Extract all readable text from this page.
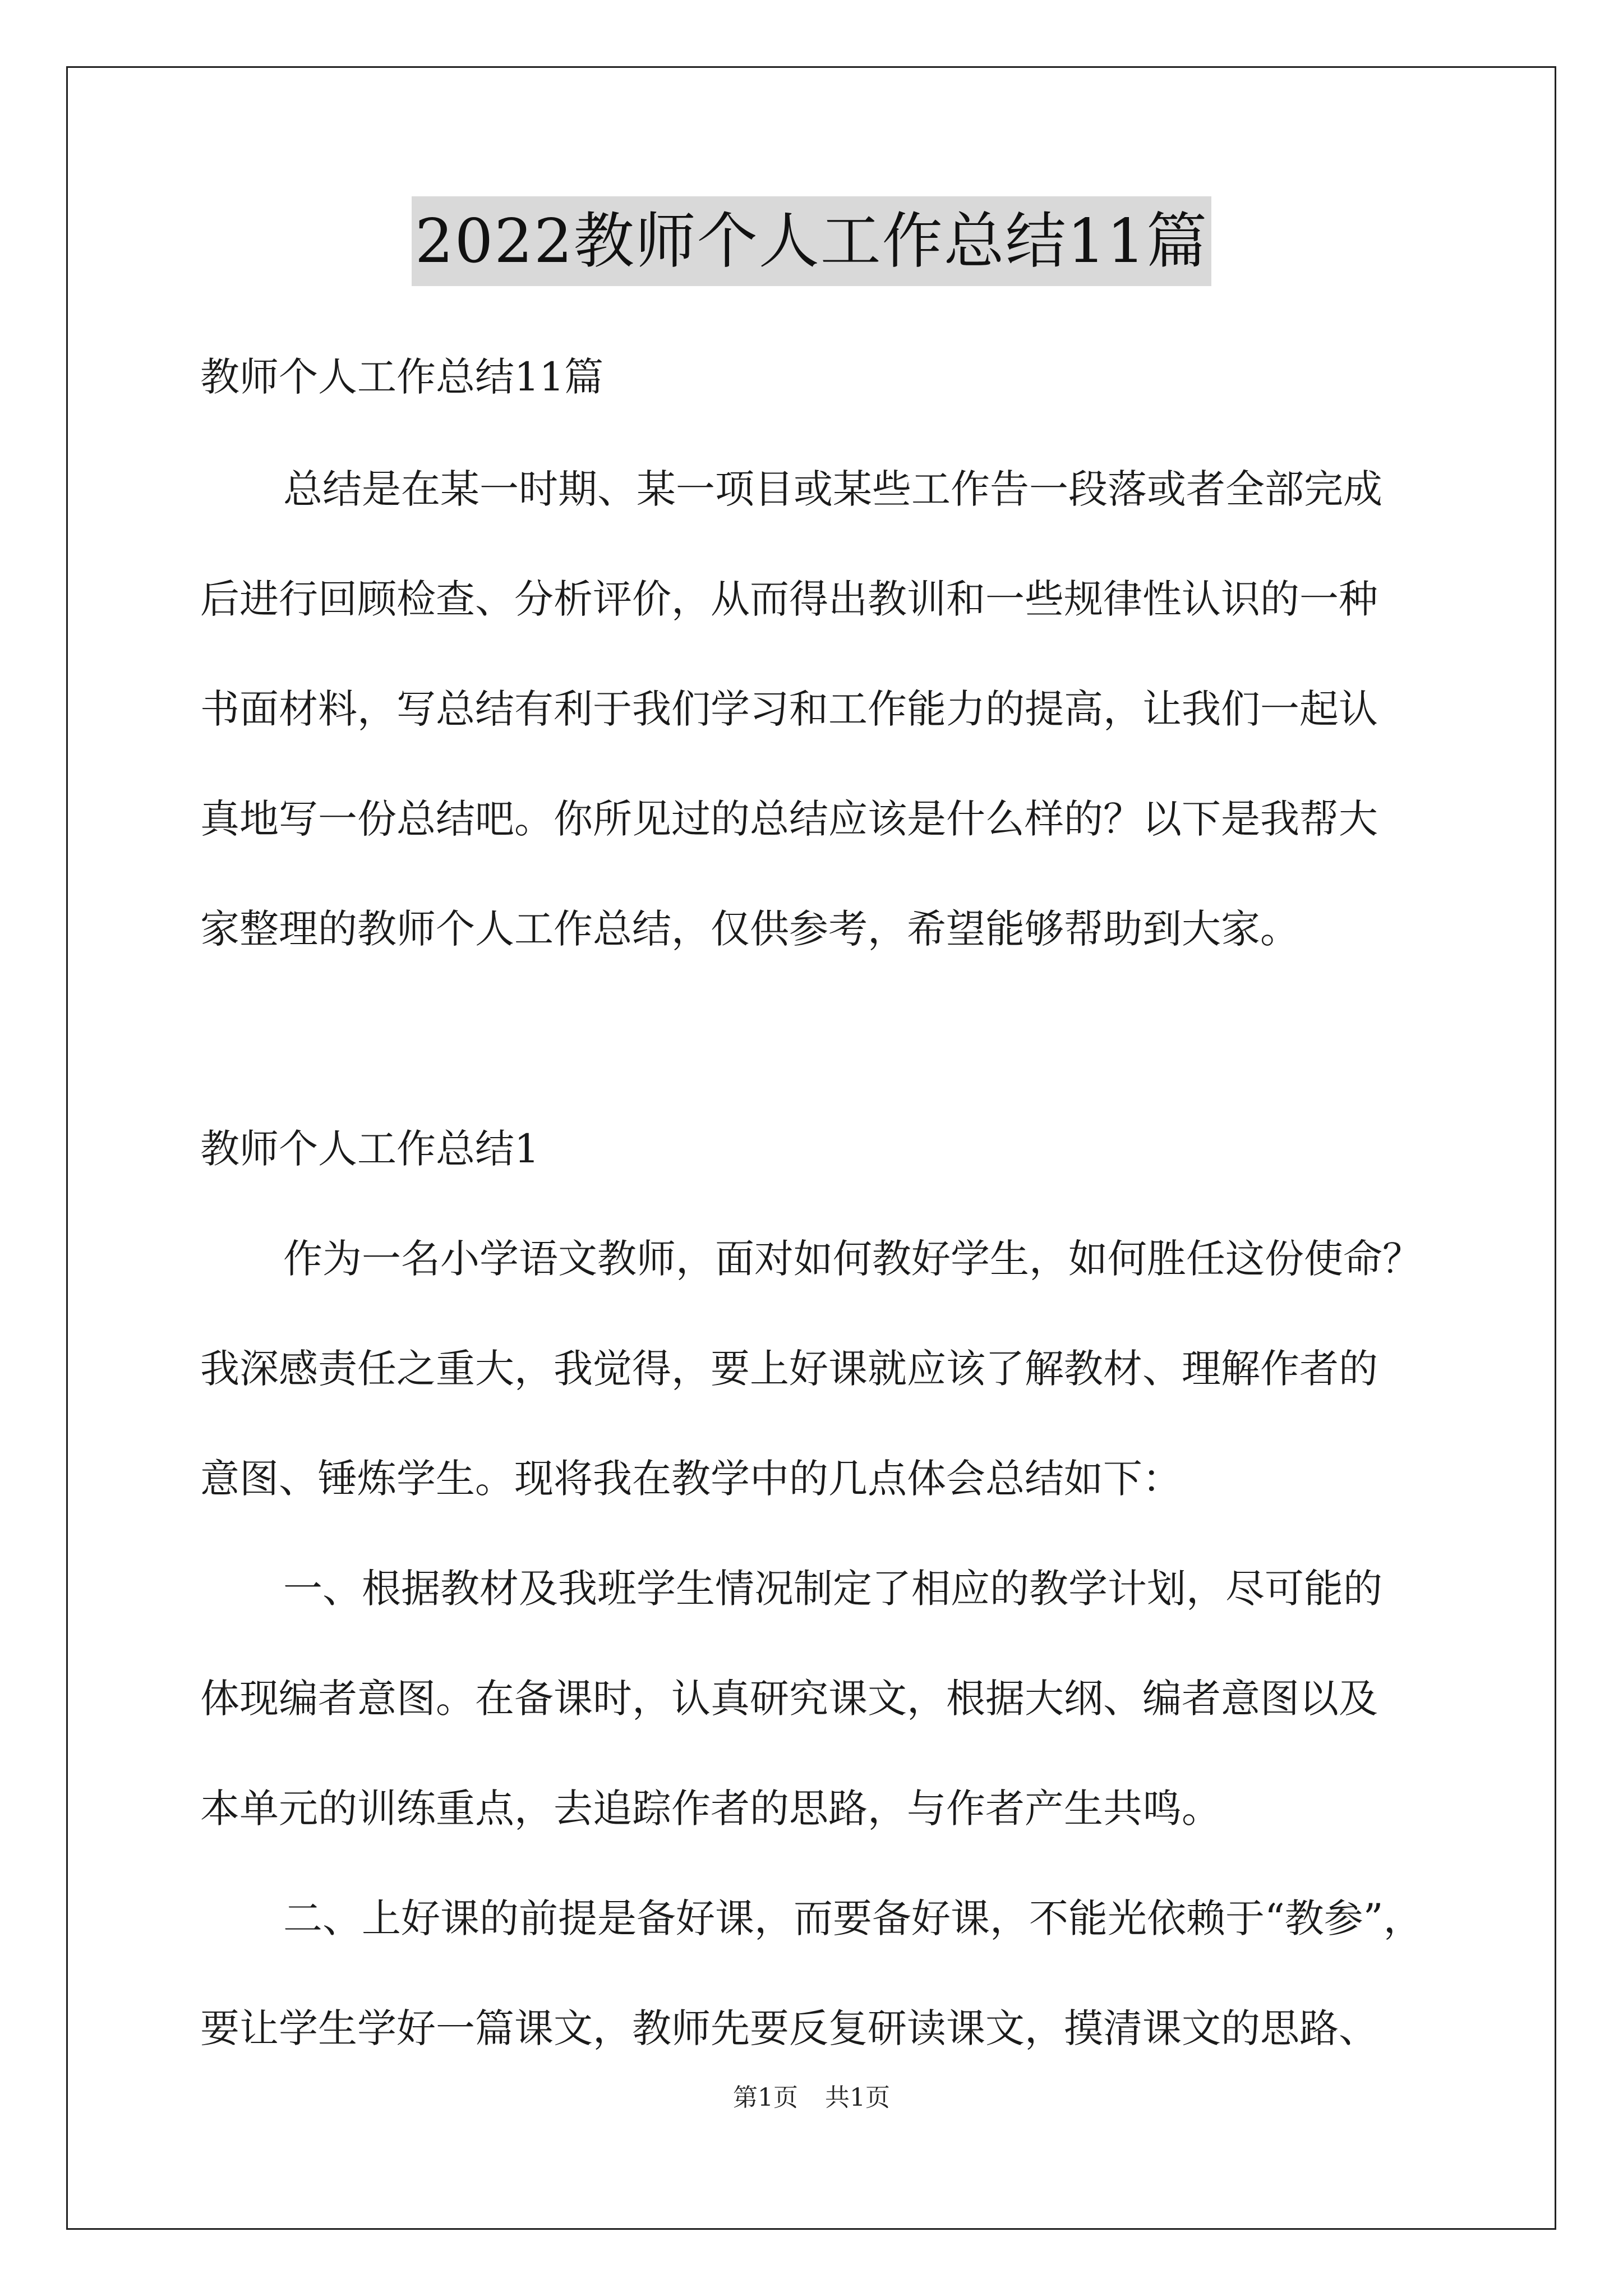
2022教师个人工作总结11篇
教师个人工作总结11篇
总结是在某一时期、某一项目或某些工作告一段落或者全部完成
后进行回顾检查、分析评价，从而得出教训和一些规律性认识的一种
书面材料，写总结有利于我们学习和工作能力的提高，让我们一起认
真地写一份总结吧。你所见过的总结应该是什么样的？以下是我帮大
家整理的教师个人工作总结，仅供参考，希望能够帮助到大家。
教师个人工作总结1
作为一名小学语文教师，面对如何教好学生，如何胜任这份使命？
我深感责任之重大，我觉得，要上好课就应该了解教材、理解作者的
意图、锤炼学生。现将我在教学中的几点体会总结如下：
一、根据教材及我班学生情况制定了相应的教学计划，尽可能的
体现编者意图。在备课时，认真研究课文，根据大纲、编者意图以及
本单元的训练重点，去追踪作者的思路，与作者产生共鸣。
二、上好课的前提是备好课，而要备好课，不能光依赖于“教参”，
要让学生学好一篇课文，教师先要反复研读课文，摸清课文的思路、
第1页 共1页
